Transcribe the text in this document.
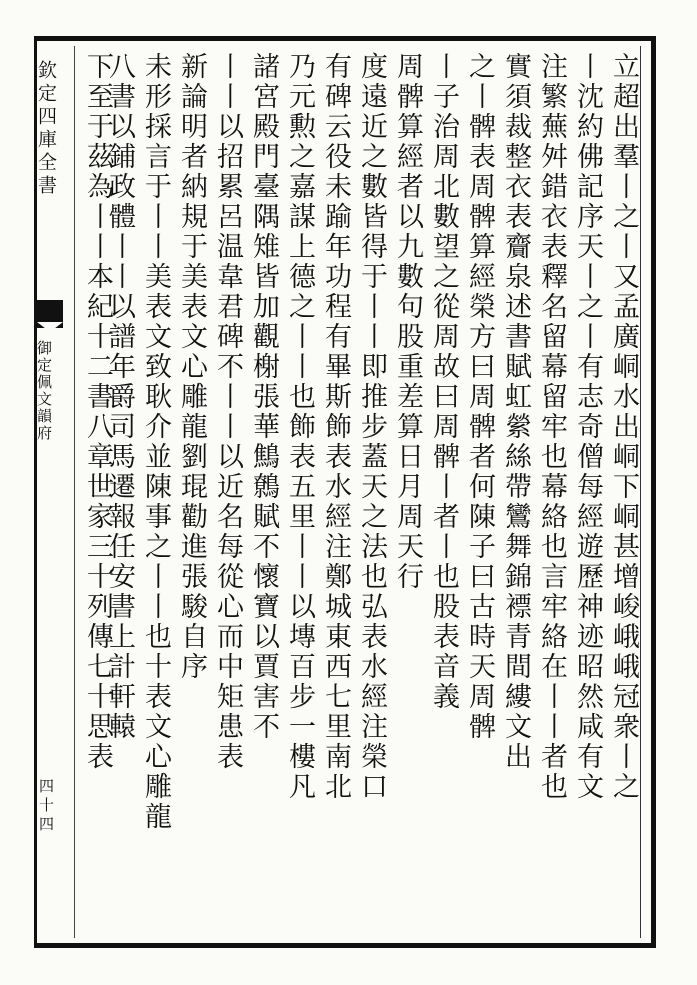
欽定四庫全書
御定佩文韻府
四十四
立超出羣丨之丨又孟廣峒水出峒下峒甚增峻峨峨冠衆丨之
丨沈約佛記序天丨之丨有志奇僧每經遊歷神迹昭然咸有文
注繁蕪舛錯衣表釋名留幕留牢也幕絡也言牢絡在丨丨者也
實須裁整衣表齎泉述書賦虹縈絲帶鸞舞錦褾青間縷文出
之丨髀表周髀算經榮方曰周髀者何陳子曰古時天周髀
丨子治周北數望之從周故曰周髀丨者丨也股表音義
周髀算經者以九數句股重差算日月周天行
度遠近之數皆得于丨丨即推步蓋天之法也弘表水經注榮口
有碑云役未踰年功程有畢斯飾表水經注鄭城東西七里南北
乃元勲之嘉謀上德之丨丨也飾表五里丨丨以塼百步一樓凡
諸宮殿門臺隅雉皆加觀榭張華鷦鷯賦不懷寶以賈害不
丨丨以招累呂温韋君碑不丨丨以近名每從心而中矩患表
新論明者納規于美表文心雕龍劉琨勸進張駿自序
未形採言于丨丨美表文致耿介並陳事之丨丨也十表文心雕龍
八書以鋪政體丨丨以譜年爵司馬遷報任安書上計軒轅
下至于茲為丨丨本紀十二書八章世家三十列傳七十思表
